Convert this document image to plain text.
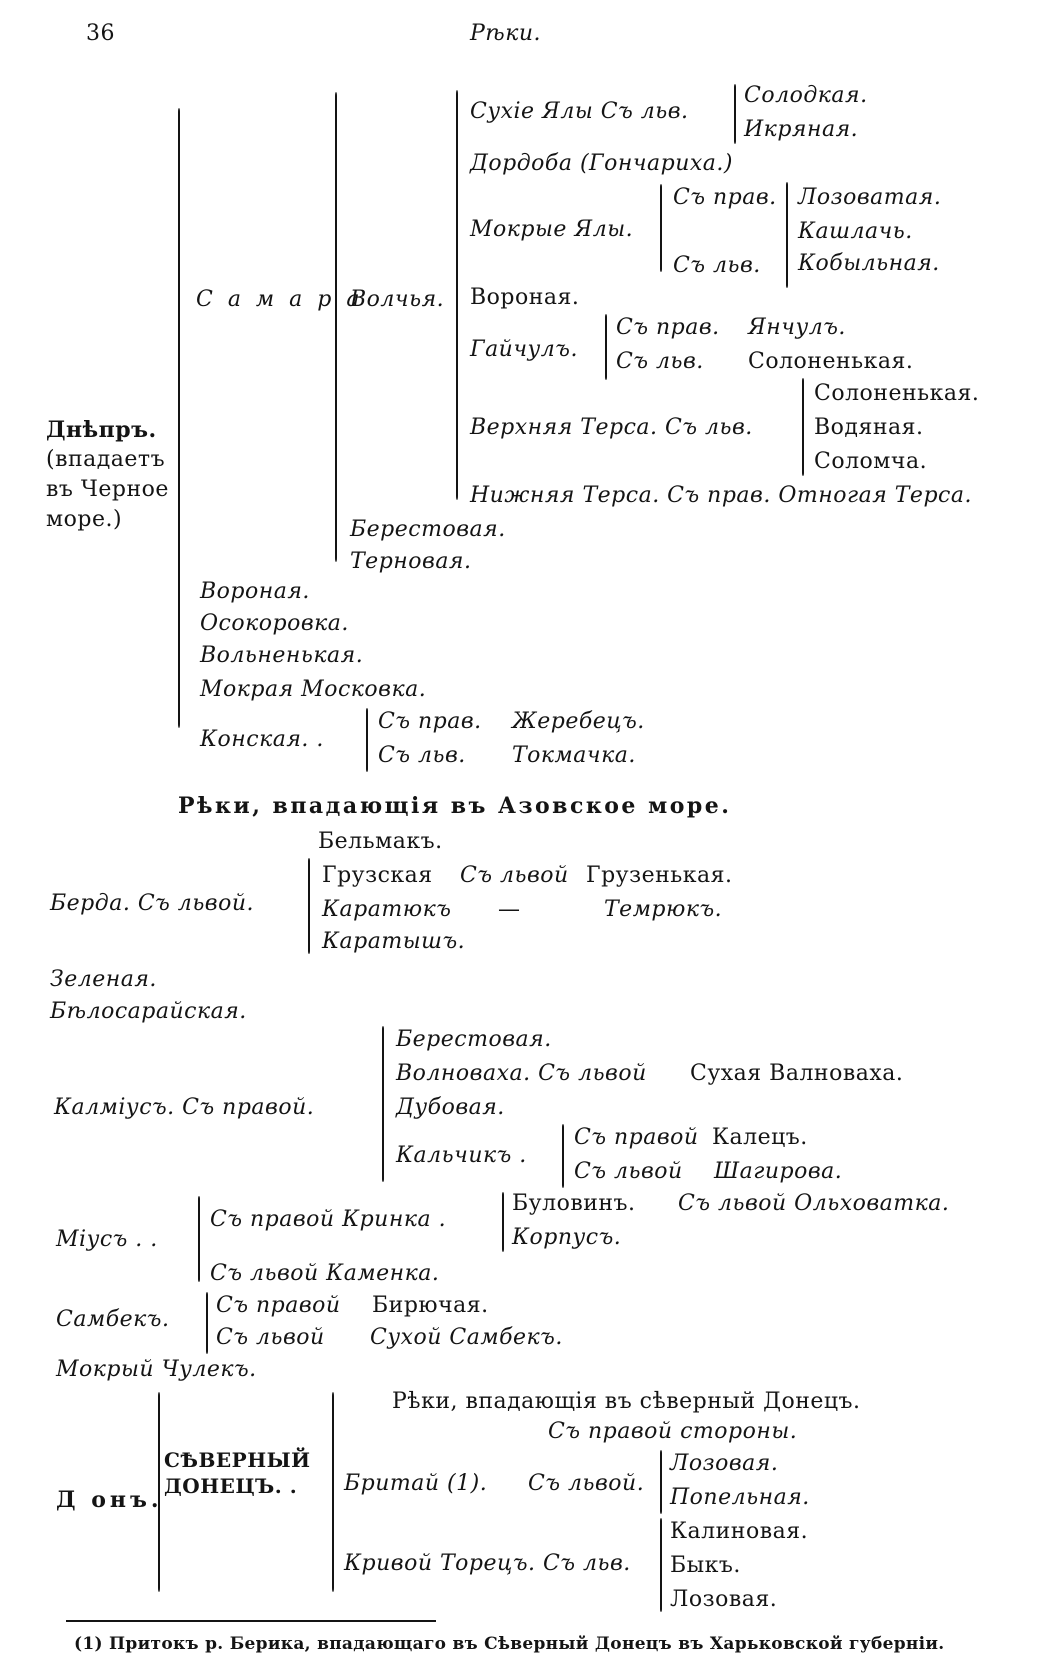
36	Рѣки.
Днѣпръ.
(впадаетъ
въ Черное
море.)
С а м а р а
Волчья.
Сухіе Ялы Съ льв.
Солодкая.
Икряная.
Дордоба (Гончариха.)
Мокрые Ялы.
Съ прав.
Съ льв.
Лозоватая.
Кашлачь.
Кобыльная.
Вороная.
Гайчулъ.
Съ прав. Янчулъ.
Съ льв. Солоненькая.
Верхняя Терса. Съ льв.
Солоненькая.
Водяная.
Соломча.
Нижняя Терса. Съ прав. Отногая Терса.
Берестовая.
Терновая.
Вороная.
Осокоровка.
Вольненькая.
Мокрая Московка.
Конская. .
Съ прав. Жеребецъ.
Съ льв. Токмачка.
Рѣки, впадающія въ Азовское море.
Бельмакъ.
Берда. Съ львой.
Грузская Съ львой Грузенькая.
Каратюкъ —	Темрюкъ.
Каратышъ.
Зеленая.
Бѣлосарайская.
Берестовая.
Калміусъ. Съ правой.
Волноваха. Съ львой Сухая Валноваха.
Дубовая.
Кальчикъ .
Съ правой Калецъ.
Съ львой Шагирова.
Міусъ . .
Съ правой Кринка .
Буловинъ. Съ львой Ольховатка.
Корпусъ.
Съ львой Каменка.
Самбекъ.
Съ правой Бирючая.
Съ львой Сухой Самбекъ.
Мокрый Чулекъ.
Рѣки, впадающія въ сѣверный Донецъ.
Съ правой стороны.
Д онъ.
СѢВЕРНЫЙ
ДОНЕЦЪ. . Бритай (1). Съ львой.
Лозовая.
Попельная.
Кривой Торецъ. Съ льв.
Калиновая.
Быкъ.
Лозовая.
(1) Притокъ р. Берика, впадающаго въ Сѣверный Донецъ въ Харьковской губерніи.
